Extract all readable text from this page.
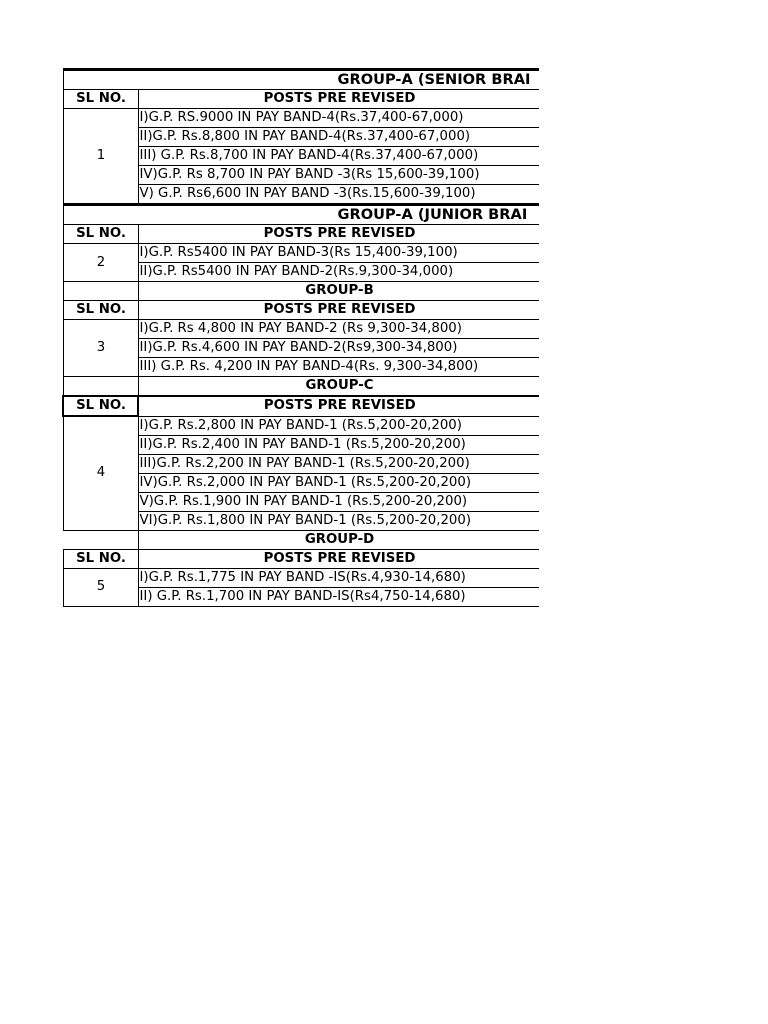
GROUP-A (SENIOR BRAI	
SL NO.	POSTS PRE REVISED
1	I)G.P. RS.9000 IN PAY BAND-4(Rs.37,400-67,000)
	II)G.P. Rs.8,800 IN PAY BAND-4(Rs.37,400-67,000)
	III) G.P. Rs.8,700 IN PAY BAND-4(Rs.37,400-67,000)
	IV)G.P. Rs 8,700 IN PAY BAND -3(Rs 15,600-39,100)
	V) G.P. Rs6,600 IN PAY BAND -3(Rs.15,600-39,100)
GROUP-A (JUNIOR BRAI	
SL NO.	POSTS PRE REVISED
2	I)G.P. Rs5400 IN PAY BAND-3(Rs 15,400-39,100)
	II)G.P. Rs5400 IN PAY BAND-2(Rs.9,300-34,000)
	GROUP-B
SL NO.	POSTS PRE REVISED
3	I)G.P. Rs 4,800 IN PAY BAND-2 (Rs 9,300-34,800)
	II)G.P. Rs.4,600 IN PAY BAND-2(Rs9,300-34,800)
	III) G.P. Rs. 4,200 IN PAY BAND-4(Rs. 9,300-34,800)
	GROUP-C
SL NO.	POSTS PRE REVISED
4	I)G.P. Rs.2,800 IN PAY BAND-1 (Rs.5,200-20,200)
	II)G.P. Rs.2,400 IN PAY BAND-1 (Rs.5,200-20,200)
	III)G.P. Rs.2,200 IN PAY BAND-1 (Rs.5,200-20,200)
	IV)G.P. Rs.2,000 IN PAY BAND-1 (Rs.5,200-20,200)
	V)G.P. Rs.1,900 IN PAY BAND-1 (Rs.5,200-20,200)
	VI)G.P. Rs.1,800 IN PAY BAND-1 (Rs.5,200-20,200)
	GROUP-D
SL NO.	POSTS PRE REVISED
5	I)G.P. Rs.1,775 IN PAY BAND -IS(Rs.4,930-14,680)
	II) G.P. Rs.1,700 IN PAY BAND-IS(Rs4,750-14,680)
